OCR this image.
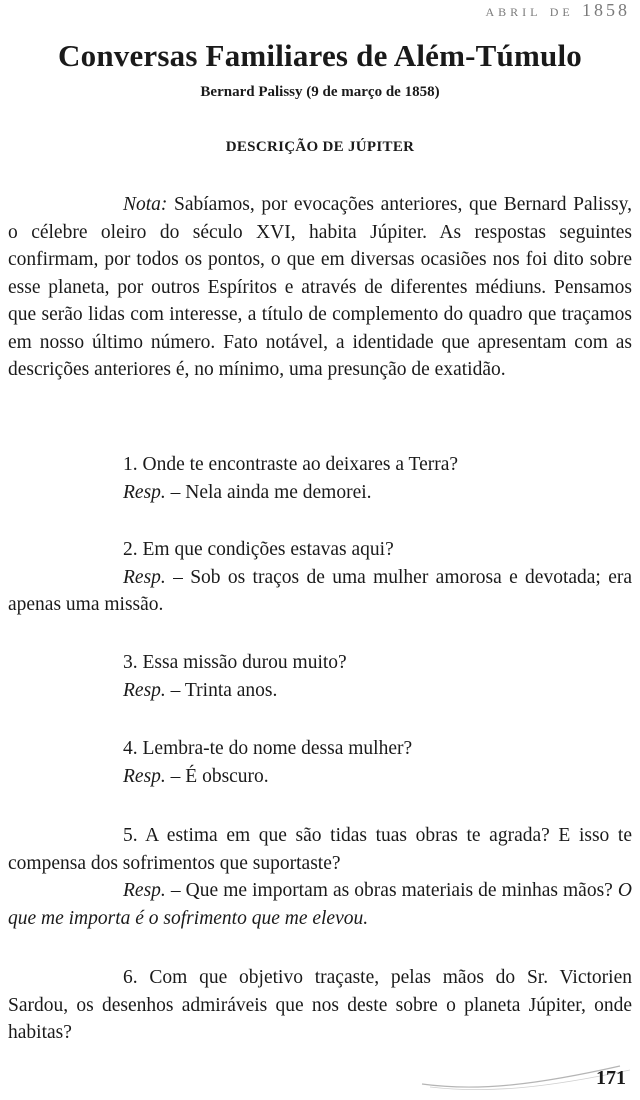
abril de 1858
Conversas Familiares de Além-Túmulo
Bernard Palissy (9 de março de 1858)
DESCRIÇÃO DE JÚPITER

Nota: Sabíamos, por evocações anteriores, que Bernard Palissy, o célebre oleiro do século XVI, habita Júpiter. As respostas seguintes confirmam, por todos os pontos, o que em diversas ocasiões nos foi dito sobre esse planeta, por outros Espíritos e através de diferentes médiuns. Pensamos que serão lidas com interesse, a título de complemento do quadro que traçamos em nosso último número. Fato notável, a identidade que apresentam com as descrições anteriores é, no mínimo, uma presunção de exatidão.

1. Onde te encontraste ao deixares a Terra?

Resp. – Nela ainda me demorei.

2. Em que condições estavas aqui?

Resp. – Sob os traços de uma mulher amorosa e devotada; era apenas uma missão.

3. Essa missão durou muito?

Resp. – Trinta anos.

4. Lembra-te do nome dessa mulher?

Resp. – É obscuro.

5. A estima em que são tidas tuas obras te agrada? E isso te compensa dos sofrimentos que suportaste?

Resp. – Que me importam as obras materiais de minhas mãos? O que me importa é o sofrimento que me elevou.

6. Com que objetivo traçaste, pelas mãos do Sr. Victorien Sardou, os desenhos admiráveis que nos deste sobre o planeta Júpiter, onde habitas?

171
